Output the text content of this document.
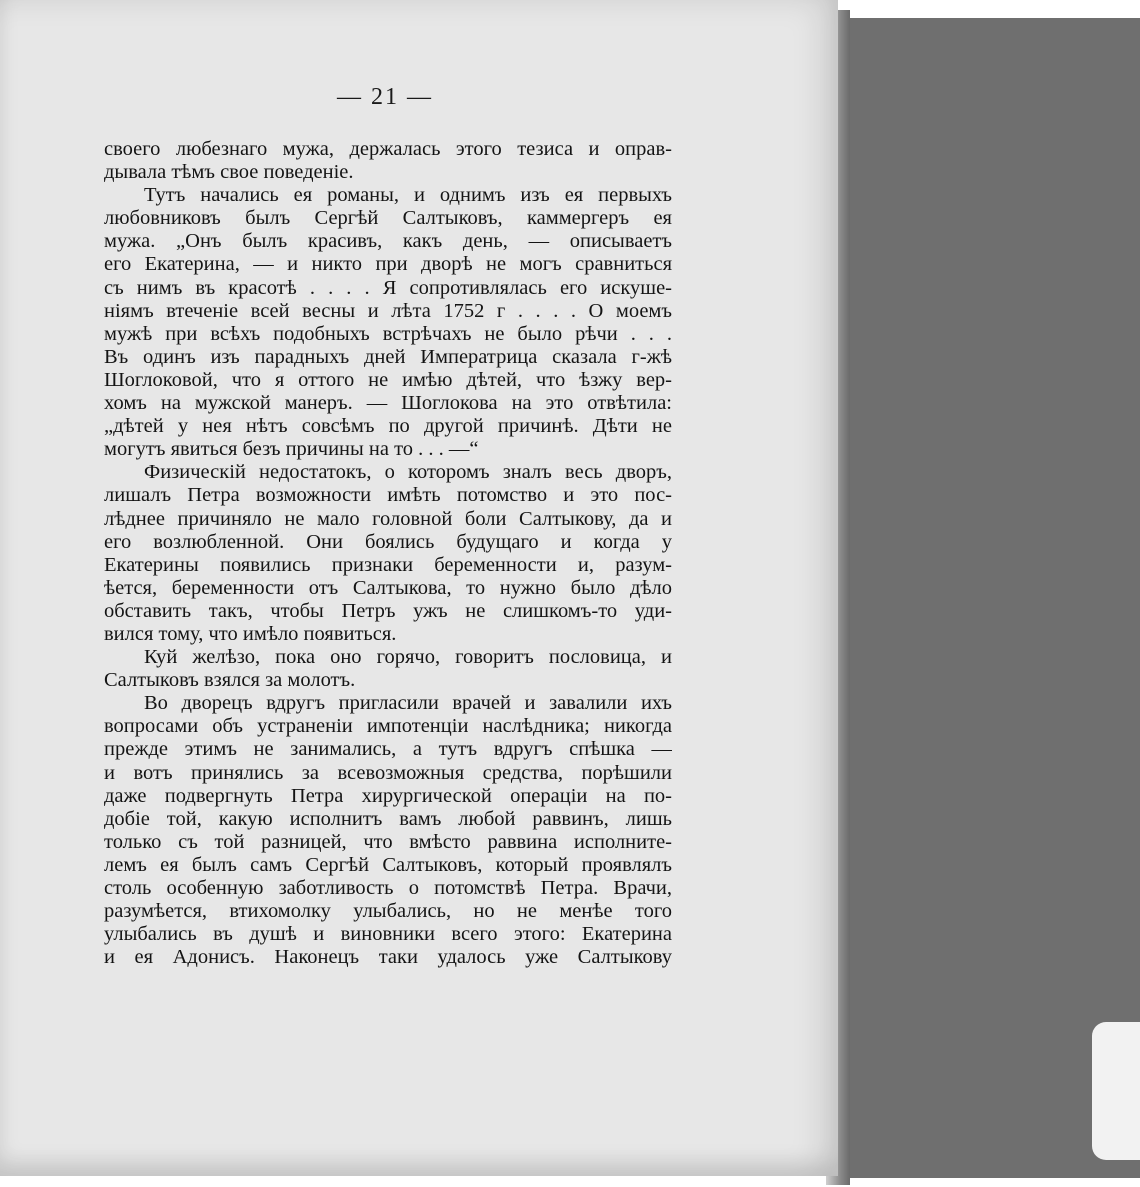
— 21 —
своего любезнаго мужа, держалась этого тезиса и оправ-
дывала тѣмъ свое поведеніе.
Тутъ начались ея романы, и однимъ изъ ея первыхъ
любовниковъ былъ Сергѣй Салтыковъ, каммергеръ ея
мужа. „Онъ былъ красивъ, какъ день, — описываетъ
его Екатерина, — и никто при дворѣ не могъ сравниться
съ нимъ въ красотѣ . . . . Я сопротивлялась его искуше-
ніямъ втеченіе всей весны и лѣта 1752 г . . . . О моемъ
мужѣ при всѣхъ подобныхъ встрѣчахъ не было рѣчи . . .
Въ одинъ изъ парадныхъ дней Императрица сказала г-жѣ
Шоглоковой, что я оттого не имѣю дѣтей, что ѣзжу вер-
хомъ на мужской манеръ. — Шоглокова на это отвѣтила:
„дѣтей у нея нѣтъ совсѣмъ по другой причинѣ. Дѣти не
могутъ явиться безъ причины на то . . . —“
Физическій недостатокъ, о которомъ зналъ весь дворъ,
лишалъ Петра возможности имѣть потомство и это пос-
лѣднее причиняло не мало головной боли Салтыкову, да и
его возлюбленной. Они боялись будущаго и когда у
Екатерины появились признаки беременности и, разум-
ѣется, беременности отъ Салтыкова, то нужно было дѣло
обставить такъ, чтобы Петръ ужъ не слишкомъ-то уди-
вился тому, что имѣло появиться.
Куй желѣзо, пока оно горячо, говоритъ пословица, и
Салтыковъ взялся за молотъ.
Во дворецъ вдругъ пригласили врачей и завалили ихъ
вопросами объ устраненіи импотенціи наслѣдника; никогда
прежде этимъ не занимались, а тутъ вдругъ спѣшка —
и вотъ принялись за всевозможныя средства, порѣшили
даже подвергнуть Петра хирургической операціи на по-
добіе той, какую исполнитъ вамъ любой раввинъ, лишь
только съ той разницей, что вмѣсто раввина исполните-
лемъ ея былъ самъ Сергѣй Салтыковъ, который проявлялъ
столь особенную заботливость о потомствѣ Петра. Врачи,
разумѣется, втихомолку улыбались, но не менѣе того
улыбались въ душѣ и виновники всего этого: Екатерина
и ея Адонисъ. Наконецъ таки удалось уже Салтыкову
